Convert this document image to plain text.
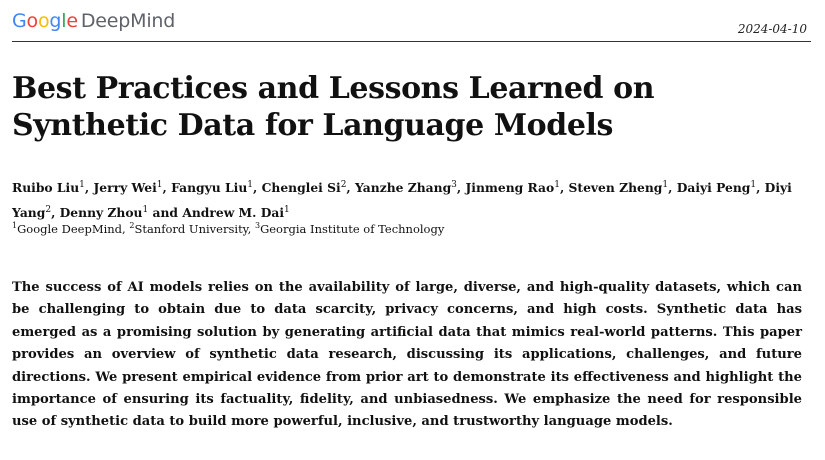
Google DeepMind	2024-04-10
Best Practices and Lessons Learned on Synthetic Data for Language Models
Ruibo Liu$^1$, Jerry Wei$^1$, Fangyu Liu$^1$, Chenglei Si$^2$, Yanzhe Zhang$^3$, Jinmeng Rao$^1$, Steven Zheng$^1$, Daiyi Peng$^1$, Diyi Yang$^2$, Denny Zhou$^1$ and Andrew M. Dai$^1$
$^1$Google DeepMind, $^2$Stanford University, $^3$Georgia Institute of Technology

The success of AI models relies on the availability of large, diverse, and high-quality datasets, which can be challenging to obtain due to data scarcity, privacy concerns, and high costs. Synthetic data has emerged as a promising solution by generating artificial data that mimics real-world patterns. This paper provides an overview of synthetic data research, discussing its applications, challenges, and future directions. We present empirical evidence from prior art to demonstrate its effectiveness and highlight the importance of ensuring its factuality, fidelity, and unbiasedness. We emphasize the need for responsible use of synthetic data to build more powerful, inclusive, and trustworthy language models.
